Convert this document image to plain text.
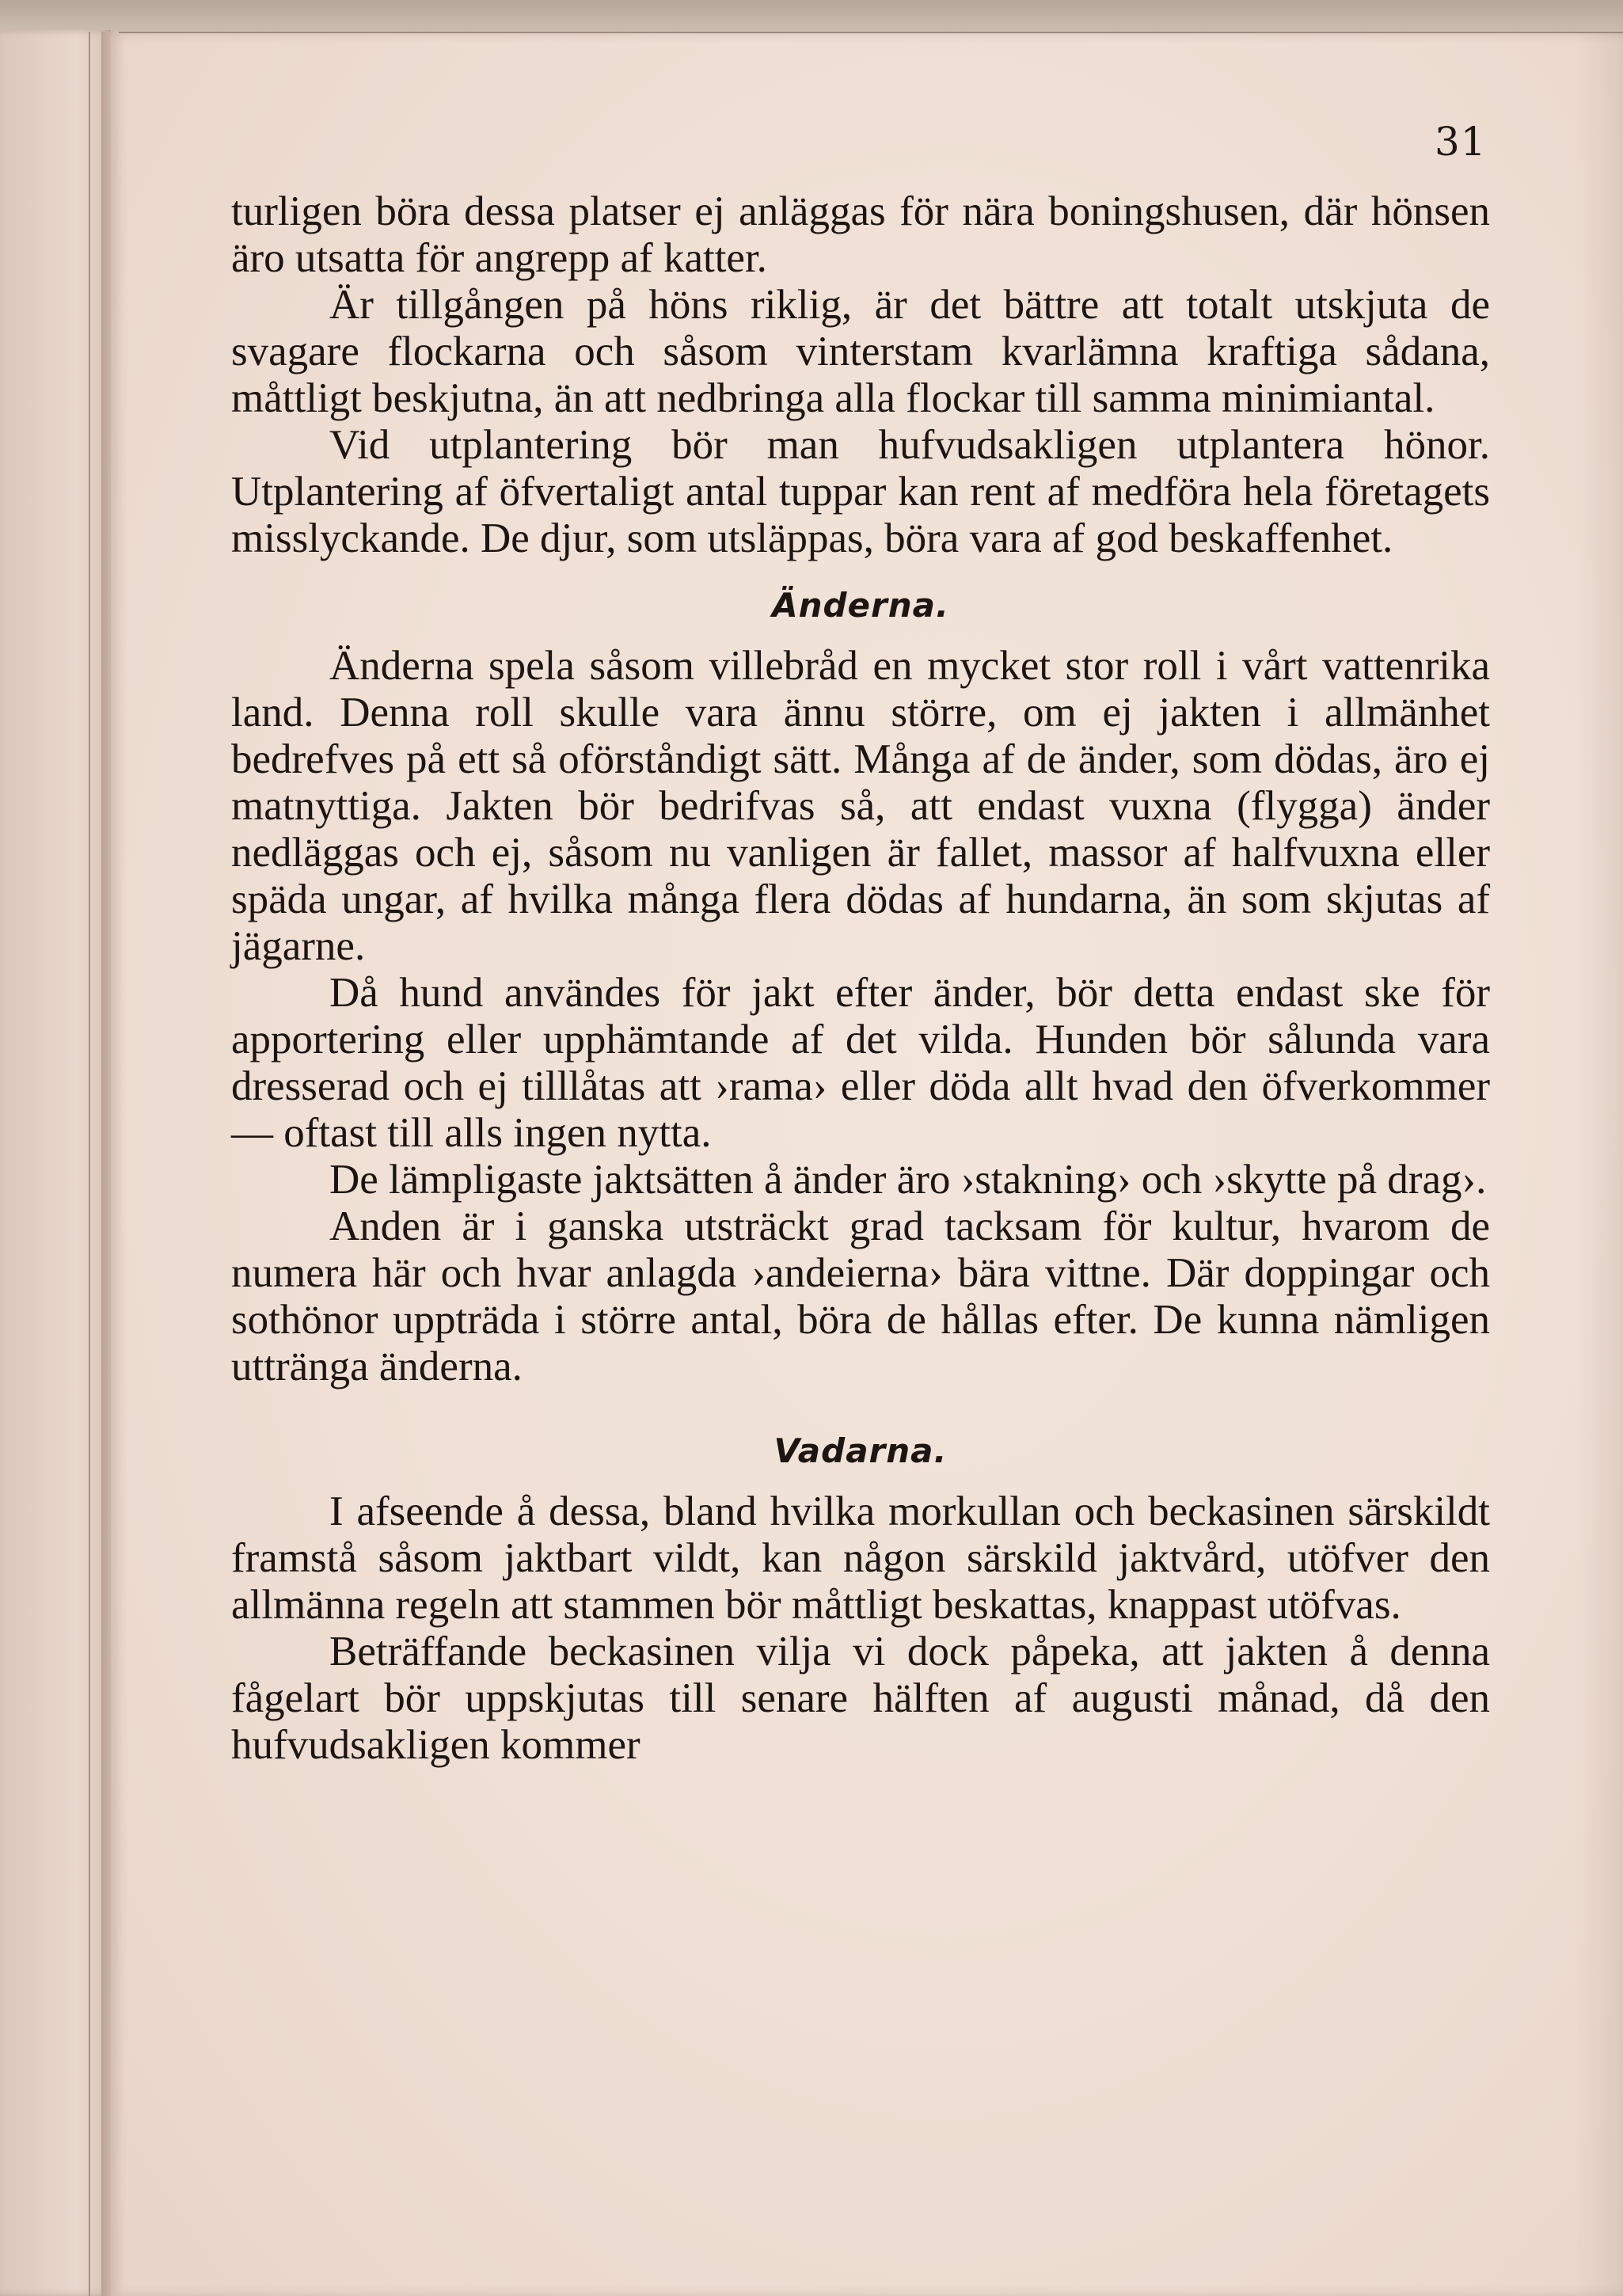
31

turligen böra dessa platser ej anläggas för nära boningshusen, där hönsen äro utsatta för angrepp af katter.

Är tillgången på höns riklig, är det bättre att totalt utskjuta de svagare flockarna och såsom vinterstam kvarlämna kraftiga sådana, måttligt beskjutna, än att nedbringa alla flockar till samma minimiantal.

Vid utplantering bör man hufvudsakligen utplantera hönor. Utplantering af öfvertaligt antal tuppar kan rent af medföra hela företagets misslyckande. De djur, som utsläppas, böra vara af god beskaffenhet.

Änderna.

Änderna spela såsom villebråd en mycket stor roll i vårt vattenrika land. Denna roll skulle vara ännu större, om ej jakten i allmänhet bedrefves på ett så oförståndigt sätt. Många af de änder, som dödas, äro ej matnyttiga. Jakten bör bedrifvas så, att endast vuxna (flygga) änder nedläggas och ej, såsom nu vanligen är fallet, massor af halfvuxna eller späda ungar, af hvilka många flera dödas af hundarna, än som skjutas af jägarne.

Då hund användes för jakt efter änder, bör detta endast ske för apportering eller upphämtande af det vilda. Hunden bör sålunda vara dresserad och ej tilllåtas att ›rama› eller döda allt hvad den öfverkommer — oftast till alls ingen nytta.

De lämpligaste jaktsätten å änder äro ›stakning› och ›skytte på drag›.

Anden är i ganska utsträckt grad tacksam för kultur, hvarom de numera här och hvar anlagda ›andeierna› bära vittne. Där doppingar och sothönor uppträda i större antal, böra de hållas efter. De kunna nämligen uttränga änderna.

Vadarna.

I afseende å dessa, bland hvilka morkullan och beckasinen särskildt framstå såsom jaktbart vildt, kan någon särskild jaktvård, utöfver den allmänna regeln att stammen bör måttligt beskattas, knappast utöfvas.

Beträffande beckasinen vilja vi dock påpeka, att jakten å denna fågelart bör uppskjutas till senare hälften af augusti månad, då den hufvudsakligen kommer
